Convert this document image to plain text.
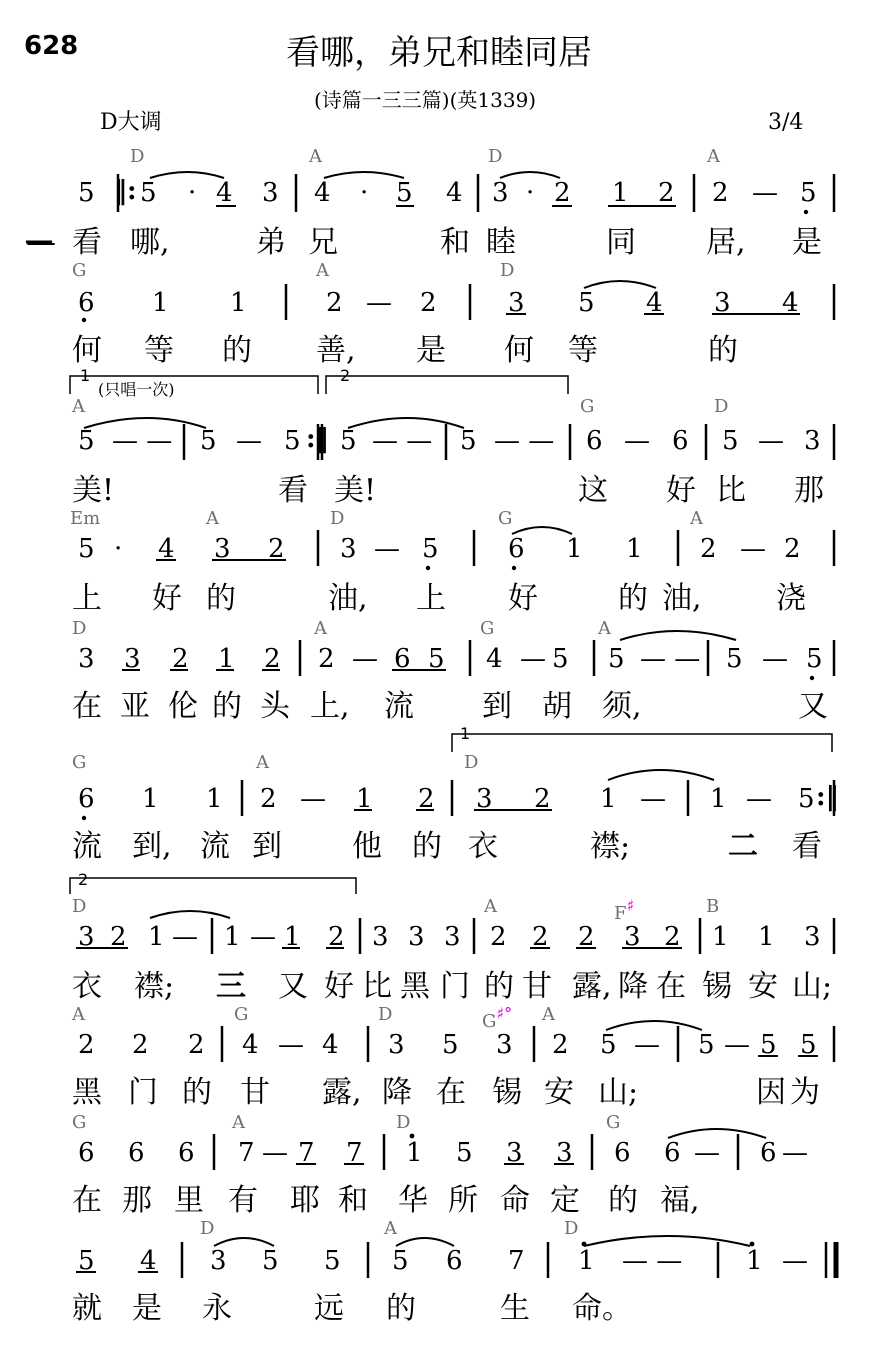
628	看哪，弟兄和睦同居
(诗篇一三三篇)(英1339)
D大调	3/4
D	A	D	A
5 ‖: 5 · 4 3 4 · 5 4 3 · 2 1 2 2 — 5
— 看 哪,	弟 兄	和 睦	同 居, 是
G	A	D
6 1 1	2 — 2	3 5 4 3 4
何 等 的 善, 是 何 等	的
1
(只唱一次)
2
A	G	D
5 — — 5 — 5 :‖ 5 — — 5 — — 6 — 6 5 — 3
美!	看 美!	这 好 比 那
Em	A	D	G	A
5 · 4 3 2 3 — 5	6 1 1 2 — 2
上 好 的	油, 上 好	的 油, 浇
D	A	G	A
3 3 2 1 2 2 — 6 5 4 — 5 5 — — 5 — 5
在 亚 伦 的 头 上, 流 到 胡 须,	又
1
G	A	D
6 1 1 2 — 1 2 3 2 1 — 1 — 5 :‖
流 到, 流 到 他 的 衣	襟;	二 看
2
D	A	F♯	B
3 2 1 — 1 — 1 2 3 3 3 2 2 2 3 2 1 1 3
衣 襟; 三 又 好 比 黑 门 的 甘 露, 降 在 锡 安 山;
A	G	D	G♯° A
2 2 2 4 — 4 3 5 3 2 5 — 5 — 5 5
黑 门 的 甘 露, 降 在 锡 安 山;	因 为
G	A	D	G
6 6 6 7 — 7 7 1 5 3 3 6 6 — 6 —
在 那 里 有 耶 和 华 所 命 定 的 福,
D	A	D
5 4 3 5 5 5 6 7 1 — — 1 —
就 是 永	远 的	生 命。
